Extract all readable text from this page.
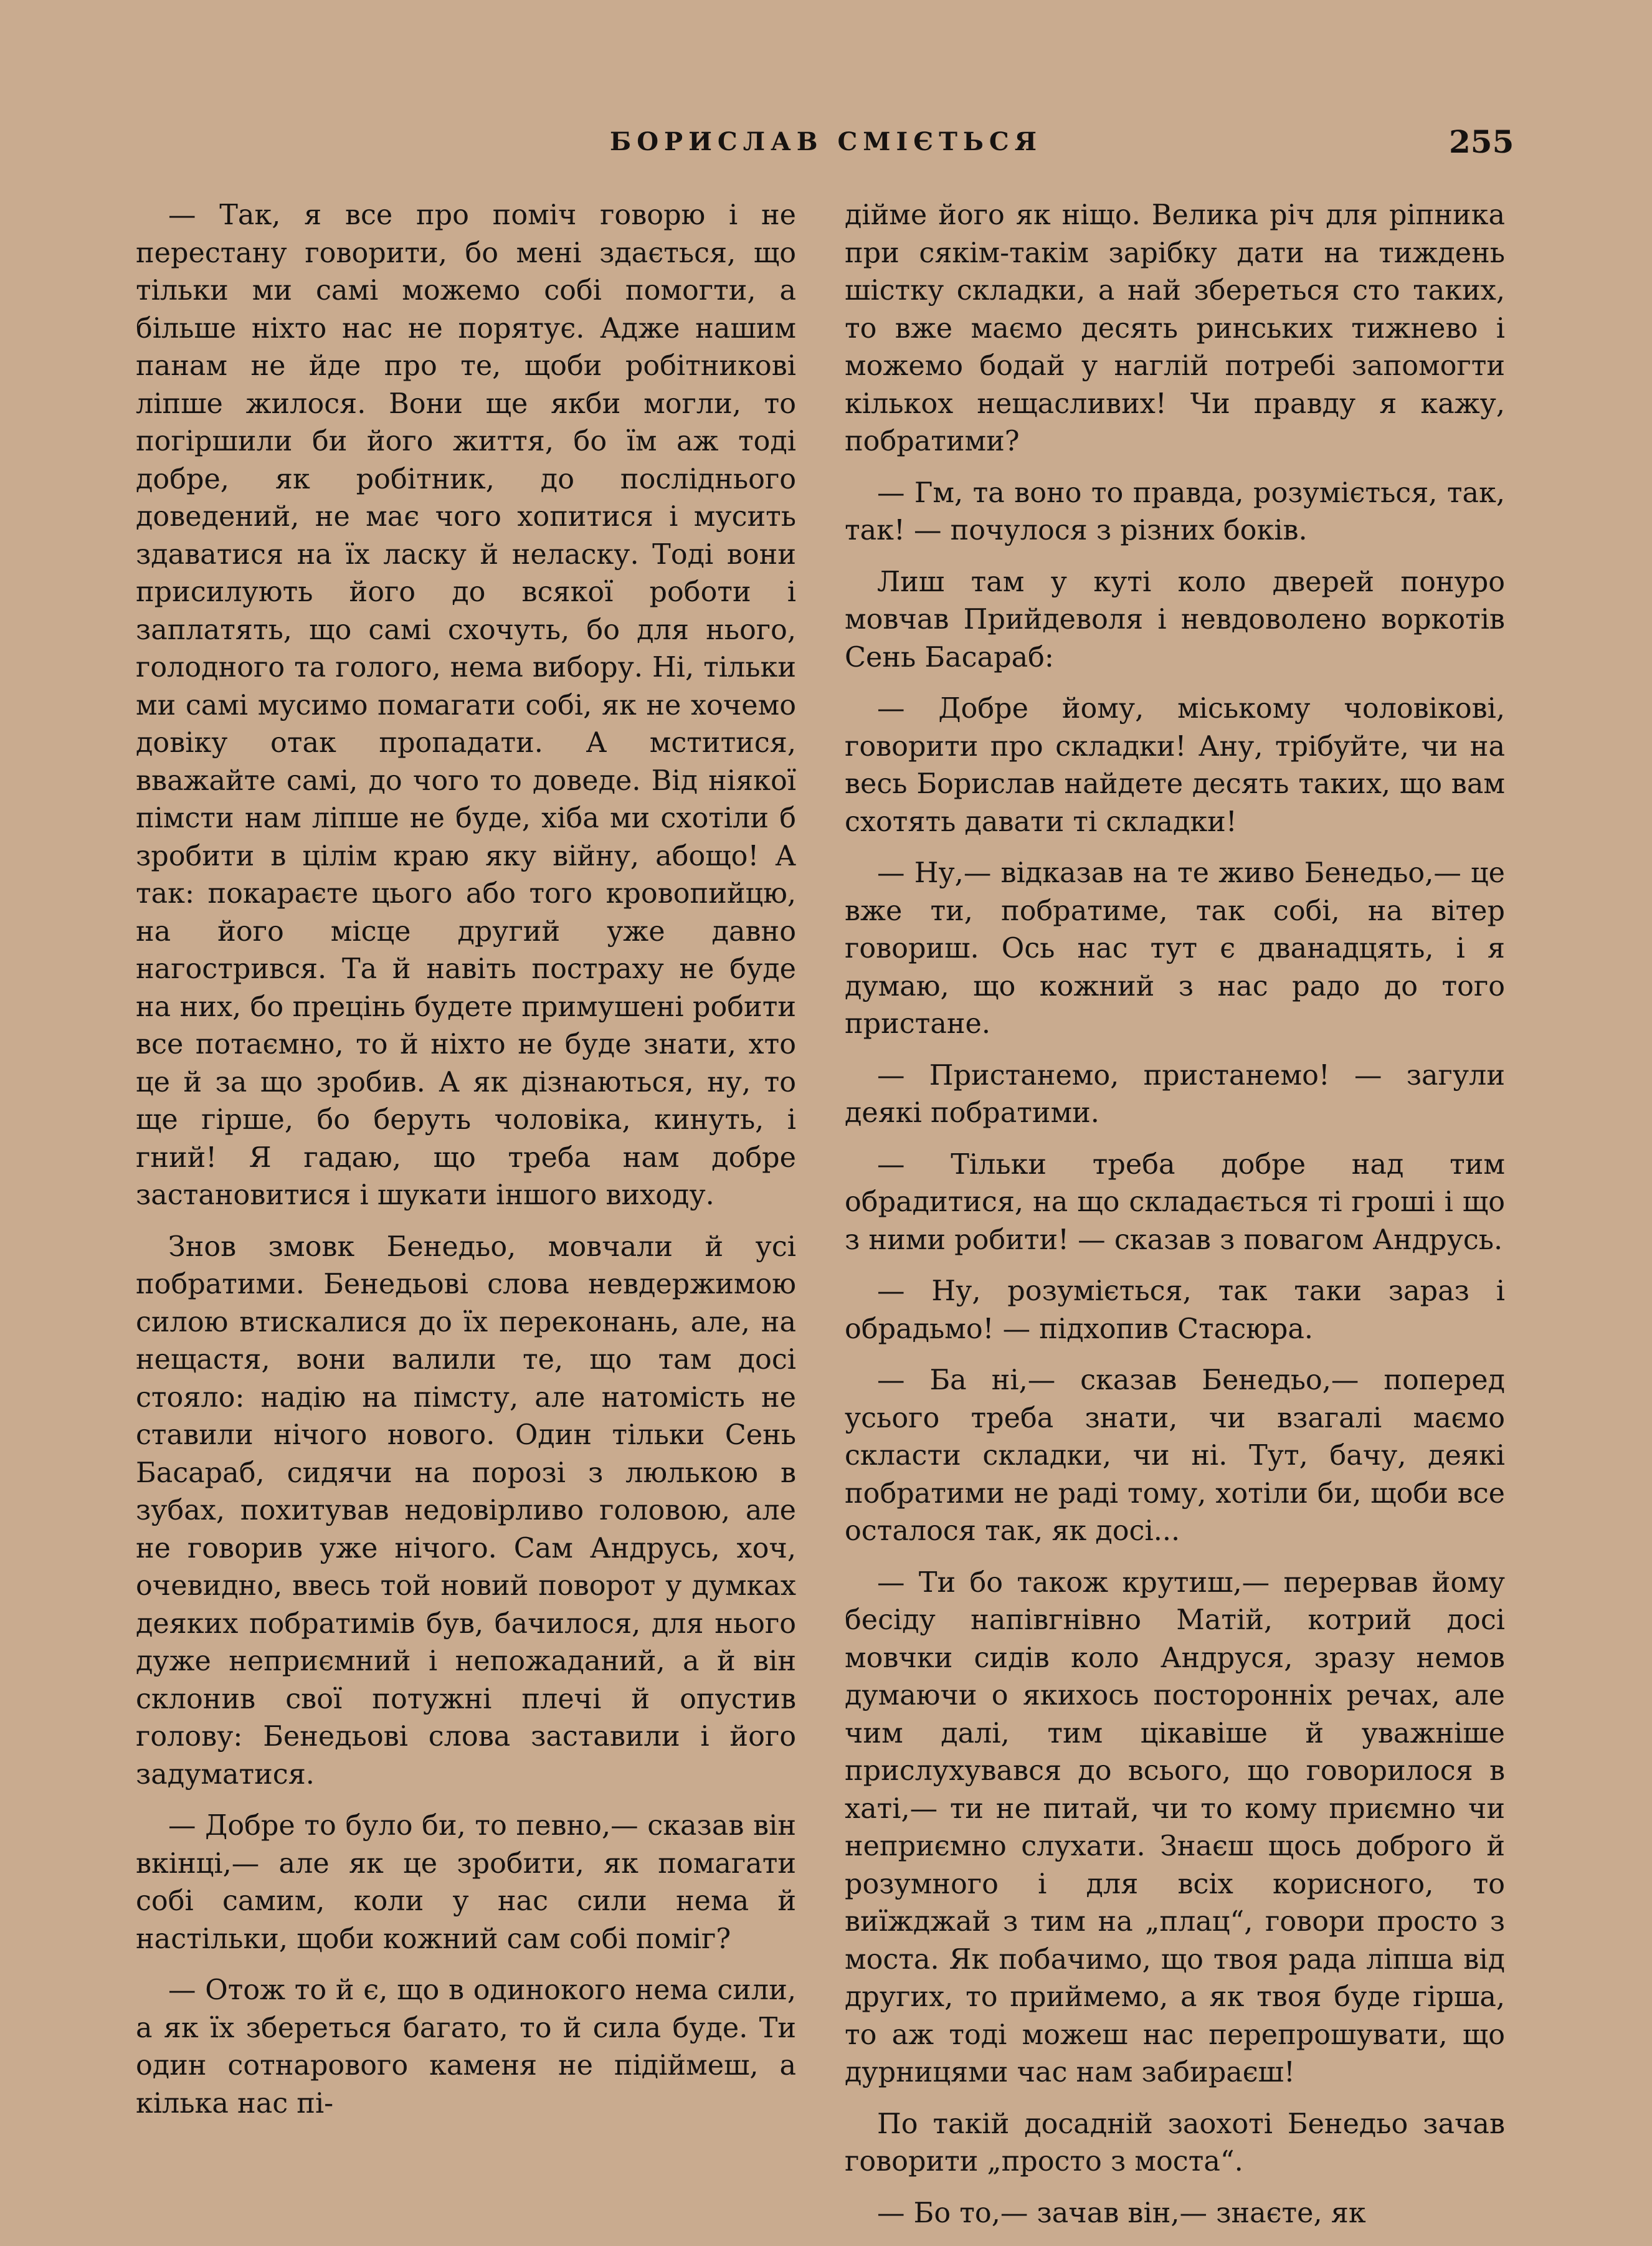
БОРИСЛАВ СМІЄТЬСЯ	255

— Так, я все про поміч говорю і не перестану говорити, бо мені здається, що тільки ми самі можемо собі помогти, а більше ніхто нас не порятує. Адже нашим панам не йде про те, щоби робітникові ліпше жилося. Вони ще якби могли, то погіршили би його життя, бо їм аж тоді добре, як робітник, до посліднього доведений, не має чого хопитися і мусить здаватися на їх ласку й неласку. Тоді вони присилують його до всякої роботи і заплатять, що самі схочуть, бо для нього, голодного та голого, нема вибору. Ні, тільки ми самі мусимо помагати собі, як не хочемо довіку отак пропадати. А мститися, вважайте самі, до чого то доведе. Від ніякої пімсти нам ліпше не буде, хіба ми схотіли б зробити в цілім краю яку війну, абощо! А так: покараєте цього або того кровопийцю, на його місце другий уже давно нагострився. Та й навіть постраху не буде на них, бо прецінь будете примушені робити все потаємно, то й ніхто не буде знати, хто це й за що зробив. А як дізнаються, ну, то ще гірше, бо беруть чоловіка, кинуть, і гний! Я гадаю, що треба нам добре застановитися і шукати іншого виходу.

Знов змовк Бенедьо, мовчали й усі побратими. Бенедьові слова невдержимою силою втискалися до їх переконань, але, на нещастя, вони валили те, що там досі стояло: надію на пімсту, але натомість не ставили нічого нового. Один тільки Сень Басараб, сидячи на порозі з люлькою в зубах, похитував недовірливо головою, але не говорив уже нічого. Сам Андрусь, хоч, очевидно, ввесь той новий поворот у думках деяких побратимів був, бачилося, для нього дуже неприємний і непожаданий, а й він склонив свої потужні плечі й опустив голову: Бенедьові слова заставили і його задуматися.

— Добре то було би, то певно,— сказав він вкінці,— але як це зробити, як помагати собі самим, коли у нас сили нема й настільки, щоби кожний сам собі поміг?

— Отож то й є, що в одинокого нема сили, а як їх збереться багато, то й сила буде. Ти один сотнарового каменя не підіймеш, а кілька нас пі-

дійме його як ніщо. Велика річ для ріпника при сякім-такім зарібку дати на тиждень шістку складки, а най збереться сто таких, то вже маємо десять ринських тижнево і можемо бодай у наглій потребі запомогти кількох нещасливих! Чи правду я кажу, побратими?

— Гм, та воно то правда, розуміється, так, так! — почулося з різних боків.

Лиш там у куті коло дверей понуро мовчав Прийдеволя і невдоволено воркотів Сень Басараб:

— Добре йому, міському чоловікові, говорити про складки! Ану, трібуйте, чи на весь Борислав найдете десять таких, що вам схотять давати ті складки!

— Ну,— відказав на те живо Бенедьо,— це вже ти, побратиме, так собі, на вітер говориш. Ось нас тут є дванадцять, і я думаю, що кожний з нас радо до того пристане.

— Пристанемо, пристанемо! — загули деякі побратими.

— Тільки треба добре над тим обрадитися, на що складається ті гроші і що з ними робити! — сказав з повагом Андрусь.

— Ну, розуміється, так таки зараз і обрадьмо! — підхопив Стасюра.

— Ба ні,— сказав Бенедьо,— поперед усього треба знати, чи взагалі маємо скласти складки, чи ні. Тут, бачу, деякі побратими не раді тому, хотіли би, щоби все осталося так, як досі...

— Ти бо також крутиш,— перервав йому бесіду напівгнівно Матій, котрий досі мовчки сидів коло Андруся, зразу немов думаючи о якихось посторонніх речах, але чим далі, тим цікавіше й уважніше прислухувався до всього, що говорилося в хаті,— ти не питай, чи то кому приємно чи неприємно слухати. Знаєш щось доброго й розумного і для всіх корисного, то виїжджай з тим на „плац“, говори просто з моста. Як побачимо, що твоя рада ліпша від других, то приймемо, а як твоя буде гірша, то аж тоді можеш нас перепрошувати, що дурницями час нам забираєш!

По такій досадній заохоті Бенедьо зачав говорити „просто з моста“.

— Бо то,— зачав він,— знаєте, як
